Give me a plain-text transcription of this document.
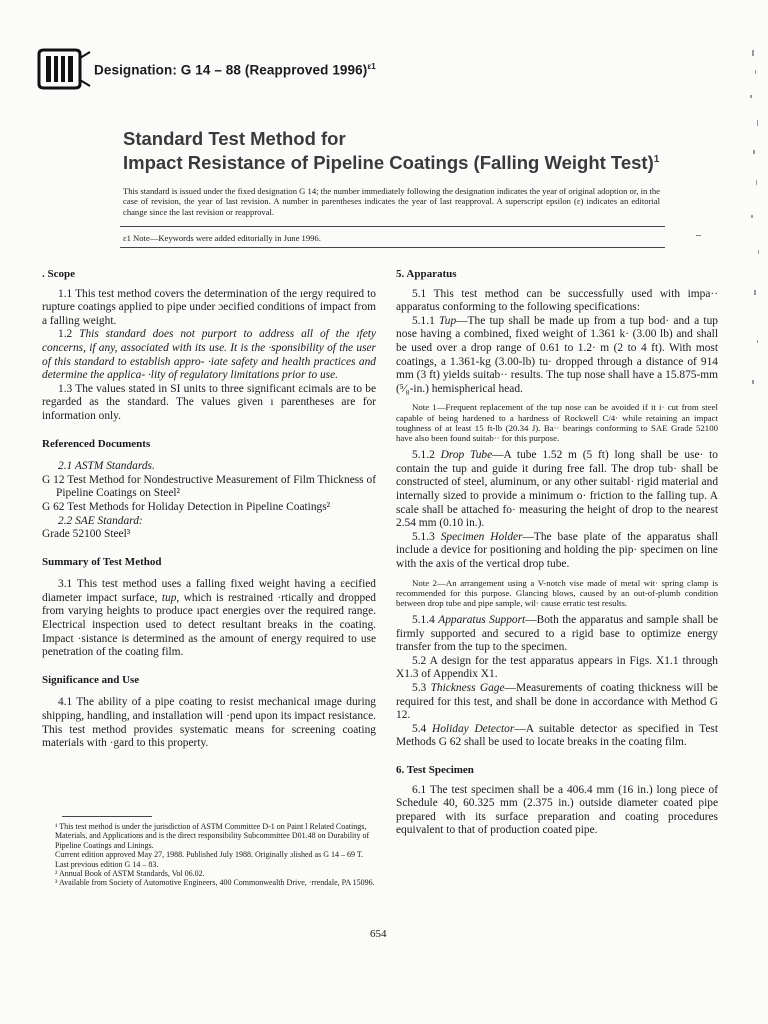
Designation: G 14 – 88 (Reapproved 1996)$^{\varepsilon 1}$
Standard Test Method for
Impact Resistance of Pipeline Coatings (Falling Weight Test)$^1$
This standard is issued under the fixed designation G 14; the number immediately following the designation indicates the year of original adoption or, in the case of revision, the year of last revision. A number in parentheses indicates the year of last reapproval. A superscript epsilon (ε) indicates an editorial change since the last revision or reapproval.
ε1 Note—Keywords were added editorially in June 1996.	–
. Scope

1.1 This test method covers the determination of the ıergy required to rupture coatings applied to pipe under ɔecified conditions of impact from a falling weight.

1.2 This standard does not purport to address all of the ɪfety concerns, if any, associated with its use. It is the ·sponsibility of the user of this standard to establish appro- ·iate safety and health practices and determine the applica- ·lity of regulatory limitations prior to use.

1.3 The values stated in SI units to three significant ɛcimals are to be regarded as the standard. The values given ı parentheses are for information only.

Referenced Documents

2.1 ASTM Standards.

G 12 Test Method for Nondestructive Measurement of Film Thickness of Pipeline Coatings on Steel²

G 62 Test Methods for Holiday Detection in Pipeline Coatings²

2.2 SAE Standard:

Grade 52100 Steel³

Summary of Test Method

3.1 This test method uses a falling fixed weight having a ɛecified diameter impact surface, tup, which is restrained ·rtically and dropped from varying heights to produce ıpact energies over the required range. Electrical inspection used to detect resultant breaks in the coating. Impact ·sistance is determined as the amount of energy required to use penetration of the coating film.

Significance and Use

4.1 The ability of a pipe coating to resist mechanical ımage during shipping, handling, and installation will ·pend upon its impact resistance. This test method provides systematic means for screening coating materials with ·gard to this property.

¹ This test method is under the jurisdiction of ASTM Committee D-1 on Paint l Related Coatings, Materials, and Applications and is the direct responsibility Subcommittee D01.48 on Durability of Pipeline Coatings and Linings.

Current edition approved May 27, 1988. Published July 1988. Originally ɔlished as G 14 – 69 T. Last previous edition G 14 – 83.

² Annual Book of ASTM Standards, Vol 06.02.

³ Available from Society of Automotive Engineers, 400 Commonwealth Drive, ·rrendale, PA 15096.

5. Apparatus

5.1 This test method can be successfully used with impa·· apparatus conforming to the following specifications:

5.1.1 Tup—The tup shall be made up from a tup bod· and a tup nose having a combined, fixed weight of 1.361 k· (3.00 lb) and shall be used over a drop range of 0.61 to 1.2· m (2 to 4 ft). With most coatings, a 1.361-kg (3.00-lb) tu· dropped through a distance of 914 mm (3 ft) yields suitab·· results. The tup nose shall have a 15.875-mm (⁵⁄₈-in.) hemispherical head.

Note 1—Frequent replacement of the tup nose can be avoided if it i· cut from steel capable of being hardened to a hardness of Rockwell C/4· while retaining an impact toughness of at least 15 ft-lb (20.34 J). Ba·· bearings conforming to SAE Grade 52100 have also been found suitab·· for this purpose.

5.1.2 Drop Tube—A tube 1.52 m (5 ft) long shall be use· to contain the tup and guide it during free fall. The drop tub· shall be constructed of steel, aluminum, or any other suitabl· rigid material and internally sized to provide a minimum o· friction to the falling tup. A scale shall be attached fo· measuring the height of drop to the nearest 2.54 mm (0.10 in.).

5.1.3 Specimen Holder—The base plate of the apparatus shall include a device for positioning and holding the pip· specimen on line with the axis of the vertical drop tube.

Note 2—An arrangement using a V-notch vise made of metal wit· spring clamp is recommended for this purpose. Glancing blows, caused by an out-of-plumb condition between drop tube and pipe sample, wil· cause erratic test results.

5.1.4 Apparatus Support—Both the apparatus and sample shall be firmly supported and secured to a rigid base to optimize energy transfer from the tup to the specimen.

5.2 A design for the test apparatus appears in Figs. X1.1 through X1.3 of Appendix X1.

5.3 Thickness Gage—Measurements of coating thickness will be required for this test, and shall be done in accordance with Method G 12.

5.4 Holiday Detector—A suitable detector as specified in Test Methods G 62 shall be used to locate breaks in the coating film.

6. Test Specimen

6.1 The test specimen shall be a 406.4 mm (16 in.) long piece of Schedule 40, 60.325 mm (2.375 in.) outside diameter coated pipe prepared with its surface preparation and coating procedures equivalent to that of production coated pipe.

654
